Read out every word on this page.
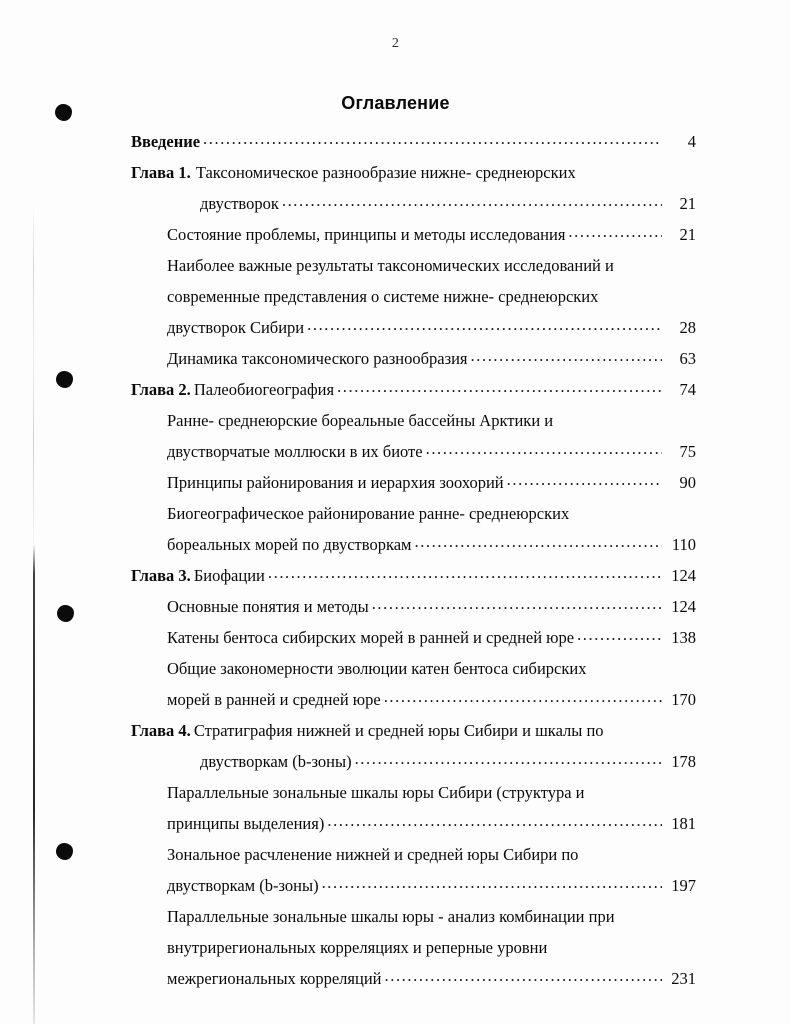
2
Оглавление
Введение .....	4
Глава 1. Таксономическое разнообразие нижне- среднеюрских
двустворок .....	21
Состояние проблемы, принципы и методы исследования .....	21
Наиболее важные результаты таксономических исследований и
современные представления о системе нижне- среднеюрских
двустворок Сибири .....	28
Динамика таксономического разнообразия .....	63
Глава 2. Палеобиогеография .....	74
Ранне- среднеюрские бореальные бассейны Арктики и
двустворчатые моллюски в их биоте .....	75
Принципы районирования и иерархия зоохорий .....	90
Биогеографическое районирование ранне- среднеюрских
бореальных морей по двустворкам .....	110
Глава 3. Биофации .....	124
Основные понятия и методы .....	124
Катены бентоса сибирских морей в ранней и средней юре .....	138
Общие закономерности эволюции катен бентоса сибирских
морей в ранней и средней юре .....	170
Глава 4. Стратиграфия нижней и средней юры Сибири и шкалы по
двустворкам (b-зоны) .....	178
Параллельные зональные шкалы юры Сибири (структура и
принципы выделения) .....	181
Зональное расчленение нижней и средней юры Сибири по
двустворкам (b-зоны) .....	197
Параллельные зональные шкалы юры - анализ комбинации при
внутрирегиональных корреляциях и реперные уровни
межрегиональных корреляций .....	231
